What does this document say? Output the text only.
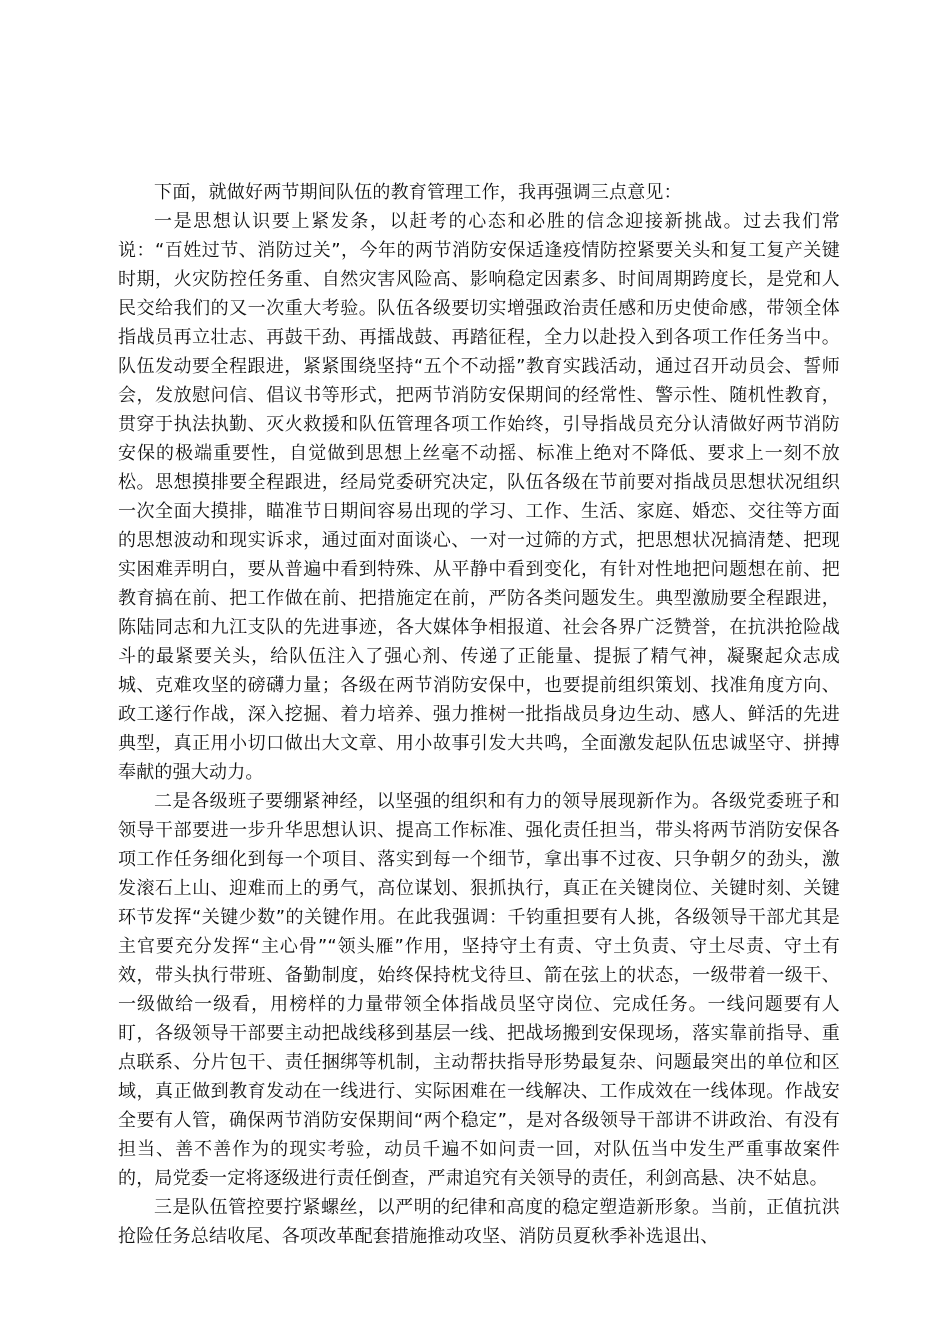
下面，就做好两节期间队伍的教育管理工作，我再强调三点意见：

一是思想认识要上紧发条，以赶考的心态和必胜的信念迎接新挑战。过去我们常说：“百姓过节、消防过关”，今年的两节消防安保适逢疫情防控紧要关头和复工复产关键时期，火灾防控任务重、自然灾害风险高、影响稳定因素多、时间周期跨度长，是党和人民交给我们的又一次重大考验。队伍各级要切实增强政治责任感和历史使命感，带领全体指战员再立壮志、再鼓干劲、再擂战鼓、再踏征程，全力以赴投入到各项工作任务当中。队伍发动要全程跟进，紧紧围绕坚持“五个不动摇”教育实践活动，通过召开动员会、誓师会，发放慰问信、倡议书等形式，把两节消防安保期间的经常性、警示性、随机性教育，贯穿于执法执勤、灭火救援和队伍管理各项工作始终，引导指战员充分认清做好两节消防安保的极端重要性，自觉做到思想上丝毫不动摇、标准上绝对不降低、要求上一刻不放松。思想摸排要全程跟进，经局党委研究决定，队伍各级在节前要对指战员思想状况组织一次全面大摸排，瞄准节日期间容易出现的学习、工作、生活、家庭、婚恋、交往等方面的思想波动和现实诉求，通过面对面谈心、一对一过筛的方式，把思想状况搞清楚、把现实困难弄明白，要从普遍中看到特殊、从平静中看到变化，有针对性地把问题想在前、把教育搞在前、把工作做在前、把措施定在前，严防各类问题发生。典型激励要全程跟进，陈陆同志和九江支队的先进事迹，各大媒体争相报道、社会各界广泛赞誉，在抗洪抢险战斗的最紧要关头，给队伍注入了强心剂、传递了正能量、提振了精气神，凝聚起众志成城、克难攻坚的磅礴力量；各级在两节消防安保中，也要提前组织策划、找准角度方向、政工遂行作战，深入挖掘、着力培养、强力推树一批指战员身边生动、感人、鲜活的先进典型，真正用小切口做出大文章、用小故事引发大共鸣，全面激发起队伍忠诚坚守、拼搏奉献的强大动力。

二是各级班子要绷紧神经，以坚强的组织和有力的领导展现新作为。各级党委班子和领导干部要进一步升华思想认识、提高工作标准、强化责任担当，带头将两节消防安保各项工作任务细化到每一个项目、落实到每一个细节，拿出事不过夜、只争朝夕的劲头，激发滚石上山、迎难而上的勇气，高位谋划、狠抓执行，真正在关键岗位、关键时刻、关键环节发挥“关键少数”的关键作用。在此我强调：千钧重担要有人挑，各级领导干部尤其是主官要充分发挥“主心骨”“领头雁”作用，坚持守土有责、守土负责、守土尽责、守土有效，带头执行带班、备勤制度，始终保持枕戈待旦、箭在弦上的状态，一级带着一级干、一级做给一级看，用榜样的力量带领全体指战员坚守岗位、完成任务。一线问题要有人盯，各级领导干部要主动把战线移到基层一线、把战场搬到安保现场，落实靠前指导、重点联系、分片包干、责任捆绑等机制，主动帮扶指导形势最复杂、问题最突出的单位和区域，真正做到教育发动在一线进行、实际困难在一线解决、工作成效在一线体现。作战安全要有人管，确保两节消防安保期间“两个稳定”，是对各级领导干部讲不讲政治、有没有担当、善不善作为的现实考验，动员千遍不如问责一回，对队伍当中发生严重事故案件的，局党委一定将逐级进行责任倒查，严肃追究有关领导的责任，利剑高悬、决不姑息。

三是队伍管控要拧紧螺丝，以严明的纪律和高度的稳定塑造新形象。当前，正值抗洪抢险任务总结收尾、各项改革配套措施推动攻坚、消防员夏秋季补选退出、
